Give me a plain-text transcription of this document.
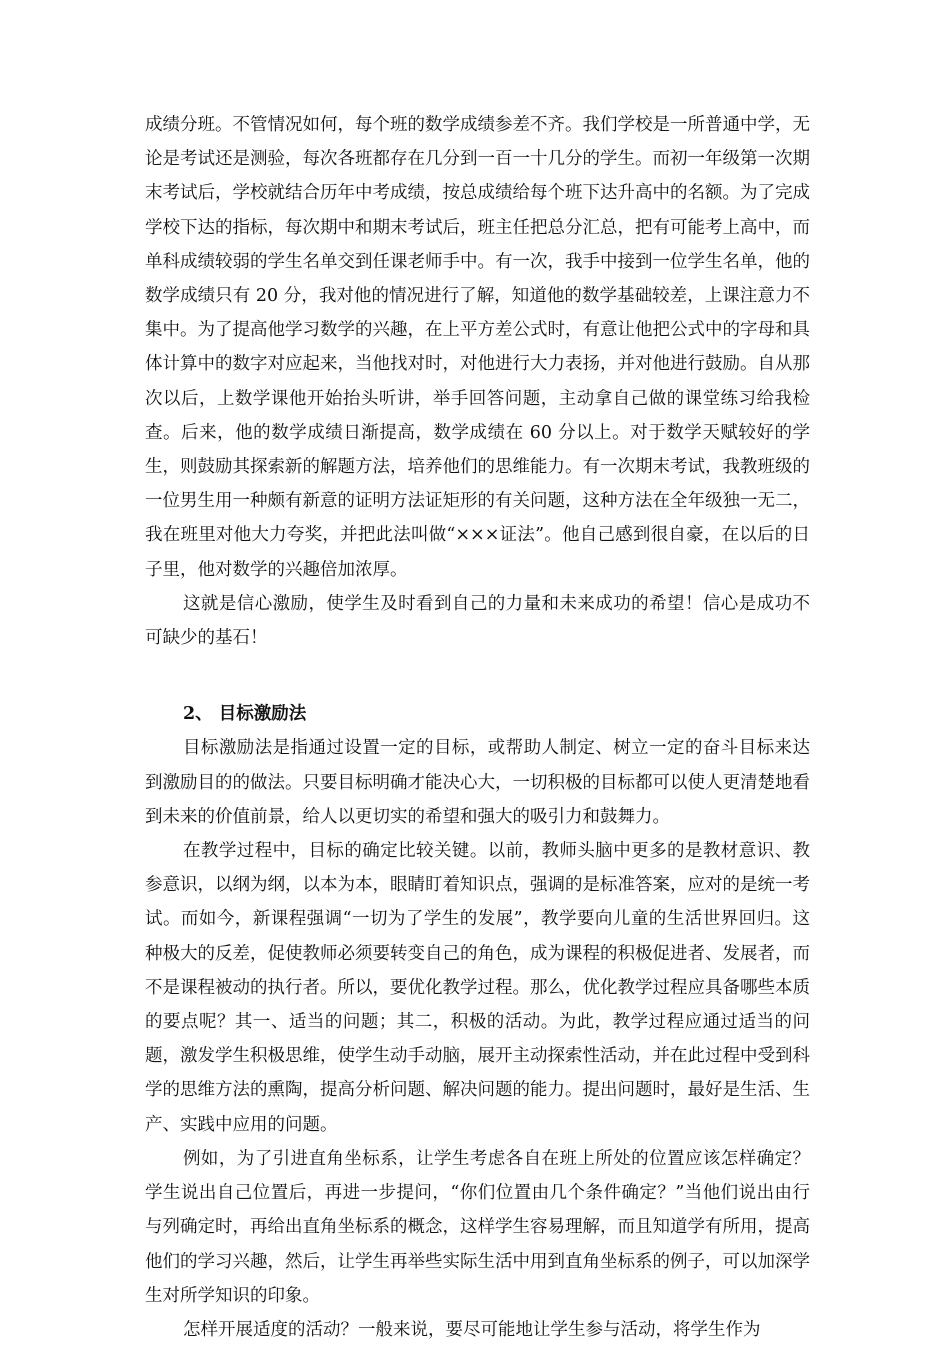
成绩分班。不管情况如何，每个班的数学成绩参差不齐。我们学校是一所普通中学，无论是考试还是测验，每次各班都存在几分到一百一十几分的学生。而初一年级第一次期末考试后，学校就结合历年中考成绩，按总成绩给每个班下达升高中的名额。为了完成学校下达的指标，每次期中和期末考试后，班主任把总分汇总，把有可能考上高中，而单科成绩较弱的学生名单交到任课老师手中。有一次，我手中接到一位学生名单，他的数学成绩只有 20 分，我对他的情况进行了解，知道他的数学基础较差，上课注意力不集中。为了提高他学习数学的兴趣，在上平方差公式时，有意让他把公式中的字母和具体计算中的数字对应起来，当他找对时，对他进行大力表扬，并对他进行鼓励。自从那次以后，上数学课他开始抬头听讲，举手回答问题，主动拿自己做的课堂练习给我检查。后来，他的数学成绩日渐提高，数学成绩在 60 分以上。对于数学天赋较好的学生，则鼓励其探索新的解题方法，培养他们的思维能力。有一次期末考试，我教班级的一位男生用一种颇有新意的证明方法证矩形的有关问题，这种方法在全年级独一无二，我在班里对他大力夸奖，并把此法叫做“×××证法”。他自己感到很自豪，在以后的日子里，他对数学的兴趣倍加浓厚。

这就是信心激励，使学生及时看到自己的力量和未来成功的希望！信心是成功不可缺少的基石！

2、 目标激励法

目标激励法是指通过设置一定的目标，或帮助人制定、树立一定的奋斗目标来达到激励目的的做法。只要目标明确才能决心大，一切积极的目标都可以使人更清楚地看到未来的价值前景，给人以更切实的希望和强大的吸引力和鼓舞力。

在教学过程中，目标的确定比较关键。以前，教师头脑中更多的是教材意识、教参意识，以纲为纲，以本为本，眼睛盯着知识点，强调的是标准答案，应对的是统一考试。而如今，新课程强调“一切为了学生的发展”，教学要向儿童的生活世界回归。这种极大的反差，促使教师必须要转变自己的角色，成为课程的积极促进者、发展者，而不是课程被动的执行者。所以，要优化教学过程。那么，优化教学过程应具备哪些本质的要点呢？其一、适当的问题；其二，积极的活动。为此，教学过程应通过适当的问题，激发学生积极思维，使学生动手动脑，展开主动探索性活动，并在此过程中受到科学的思维方法的熏陶，提高分析问题、解决问题的能力。提出问题时，最好是生活、生产、实践中应用的问题。

例如，为了引进直角坐标系，让学生考虑各自在班上所处的位置应该怎样确定？学生说出自己位置后，再进一步提问，“你们位置由几个条件确定？”当他们说出由行与列确定时，再给出直角坐标系的概念，这样学生容易理解，而且知道学有所用，提高他们的学习兴趣，然后，让学生再举些实际生活中用到直角坐标系的例子，可以加深学生对所学知识的印象。

怎样开展适度的活动？一般来说，要尽可能地让学生参与活动，将学生作为
